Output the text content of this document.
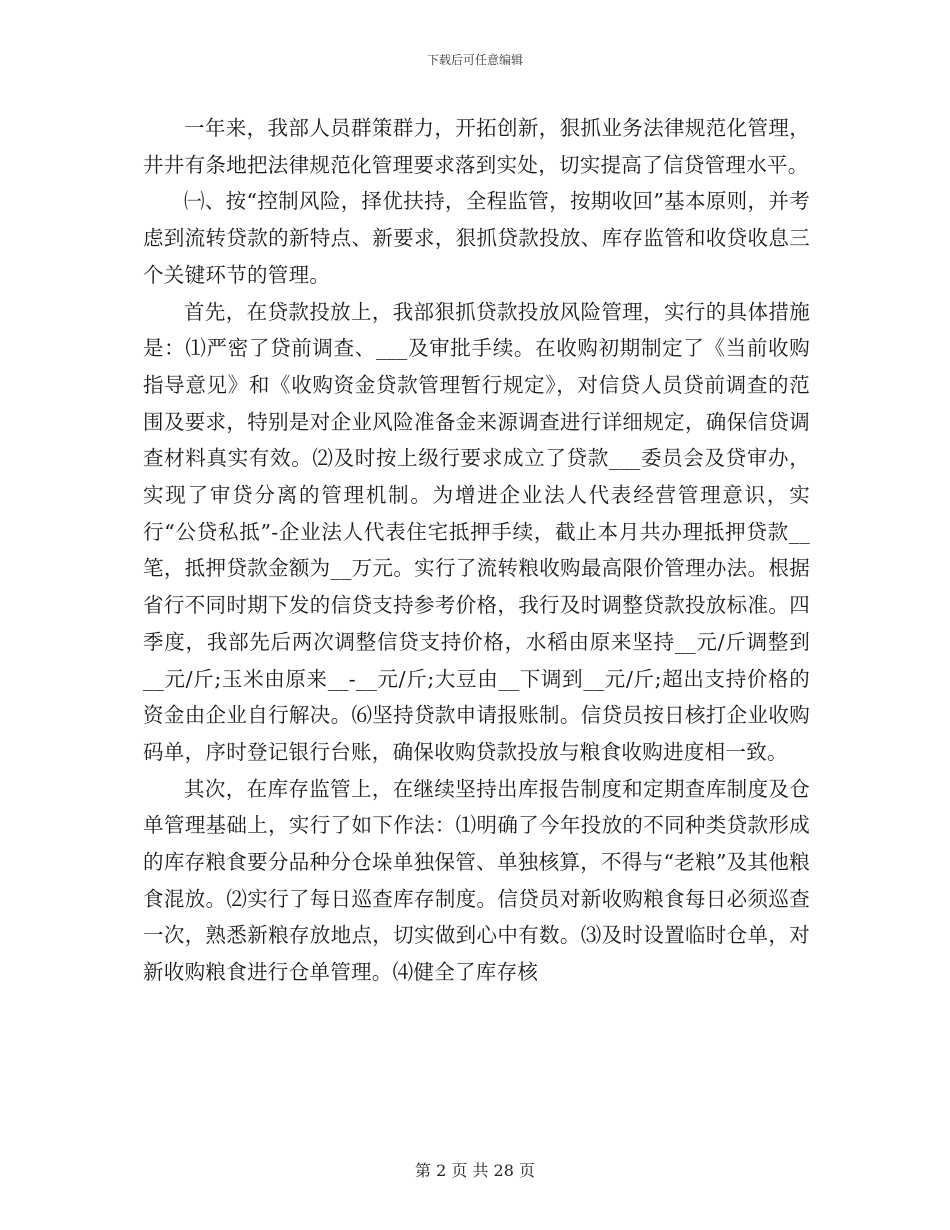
下载后可任意编辑

一年来，我部人员群策群力，开拓创新，狠抓业务法律规范化管理，井井有条地把法律规范化管理要求落到实处，切实提高了信贷管理水平。

㈠、按“控制风险，择优扶持，全程监管，按期收回”基本原则，并考虑到流转贷款的新特点、新要求，狠抓贷款投放、库存监管和收贷收息三个关键环节的管理。

首先，在贷款投放上，我部狠抓贷款投放风险管理，实行的具体措施是：⑴严密了贷前调查、___及审批手续。在收购初期制定了《当前收购指导意见》和《收购资金贷款管理暂行规定》，对信贷人员贷前调查的范围及要求，特别是对企业风险准备金来源调查进行详细规定，确保信贷调查材料真实有效。⑵及时按上级行要求成立了贷款___委员会及贷审办，实现了审贷分离的管理机制。为增进企业法人代表经营管理意识，实行“公贷私抵”-企业法人代表住宅抵押手续，截止本月共办理抵押贷款__笔，抵押贷款金额为__万元。实行了流转粮收购最高限价管理办法。根据省行不同时期下发的信贷支持参考价格，我行及时调整贷款投放标准。四季度，我部先后两次调整信贷支持价格，水稻由原来坚持__元/斤调整到__元/斤;玉米由原来__-__元/斤;大豆由__下调到__元/斤;超出支持价格的资金由企业自行解决。⑹坚持贷款申请报账制。信贷员按日核打企业收购码单，序时登记银行台账，确保收购贷款投放与粮食收购进度相一致。

其次，在库存监管上，在继续坚持出库报告制度和定期查库制度及仓单管理基础上，实行了如下作法：⑴明确了今年投放的不同种类贷款形成的库存粮食要分品种分仓垛单独保管、单独核算，不得与“老粮”及其他粮食混放。⑵实行了每日巡查库存制度。信贷员对新收购粮食每日必须巡查一次，熟悉新粮存放地点，切实做到心中有数。⑶及时设置临时仓单，对新收购粮食进行仓单管理。⑷健全了库存核

第 2 页 共 28 页
